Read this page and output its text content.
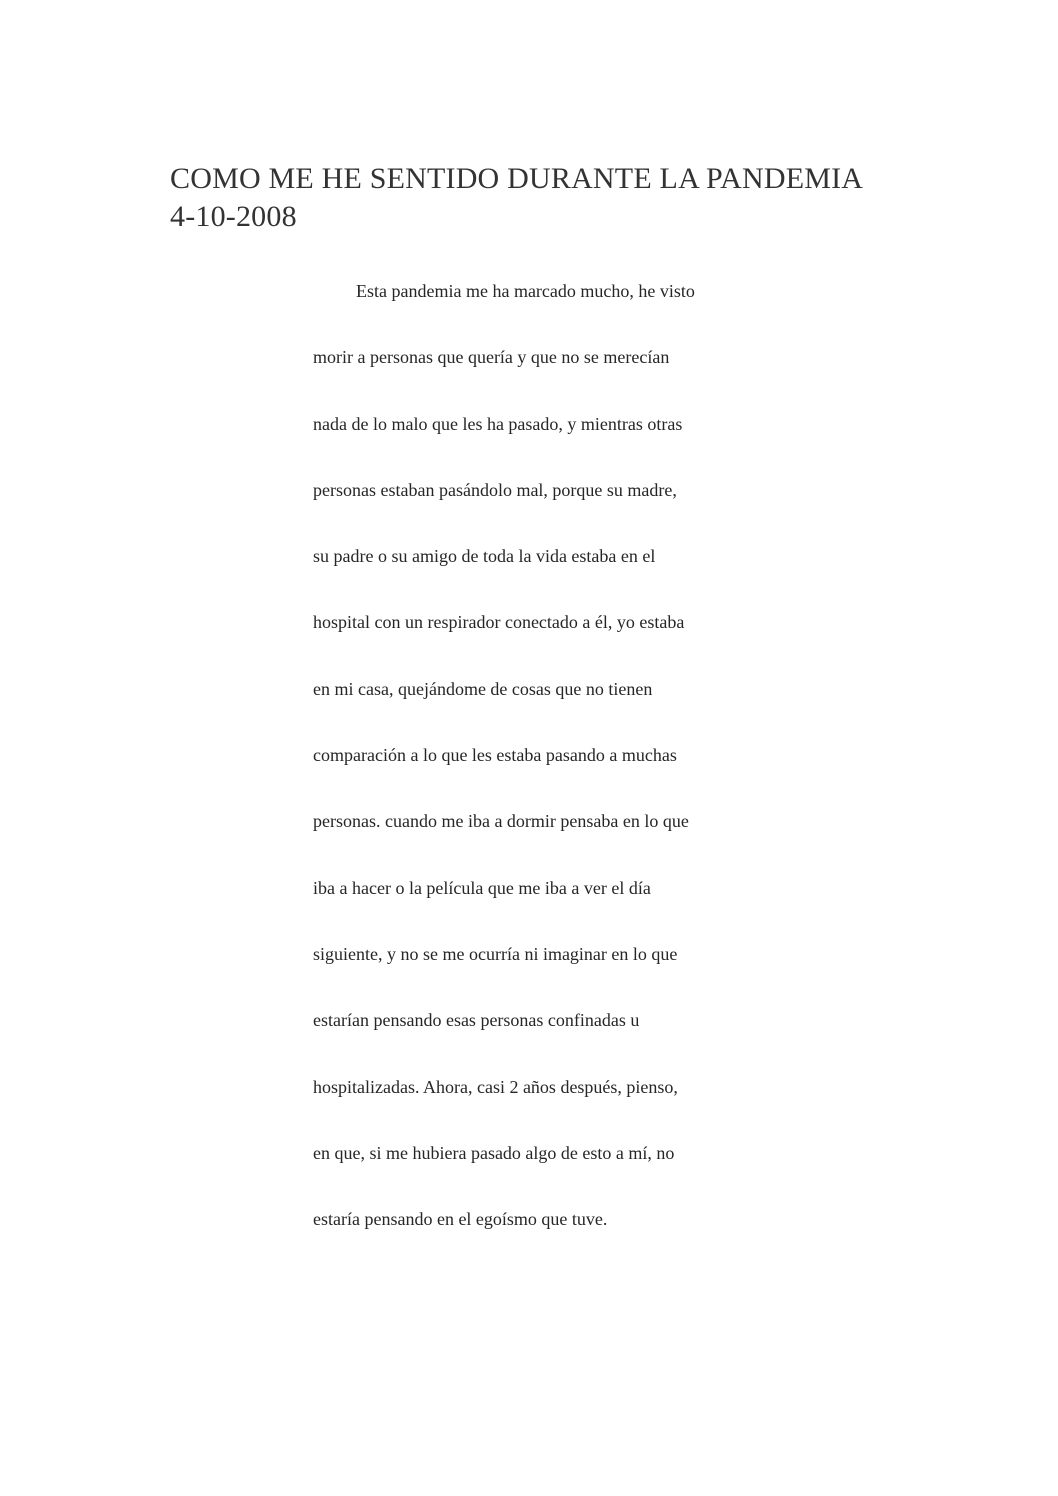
COMO ME HE SENTIDO DURANTE LA PANDEMIA
4-10-2008
Esta pandemia me ha marcado mucho, he visto
morir a personas que quería y que no se merecían
nada de lo malo que les ha pasado, y mientras otras
personas estaban pasándolo mal, porque su madre,
su padre o su amigo de toda la vida estaba en el
hospital con un respirador conectado a él, yo estaba
en mi casa, quejándome de cosas que no tienen
comparación a lo que les estaba pasando a muchas
personas. cuando me iba a dormir pensaba en lo que
iba a hacer o la película que me iba a ver el día
siguiente, y no se me ocurría ni imaginar en lo que
estarían pensando esas personas confinadas u
hospitalizadas. Ahora, casi 2 años después, pienso,
en que, si me hubiera pasado algo de esto a mí, no
estaría pensando en el egoísmo que tuve.
